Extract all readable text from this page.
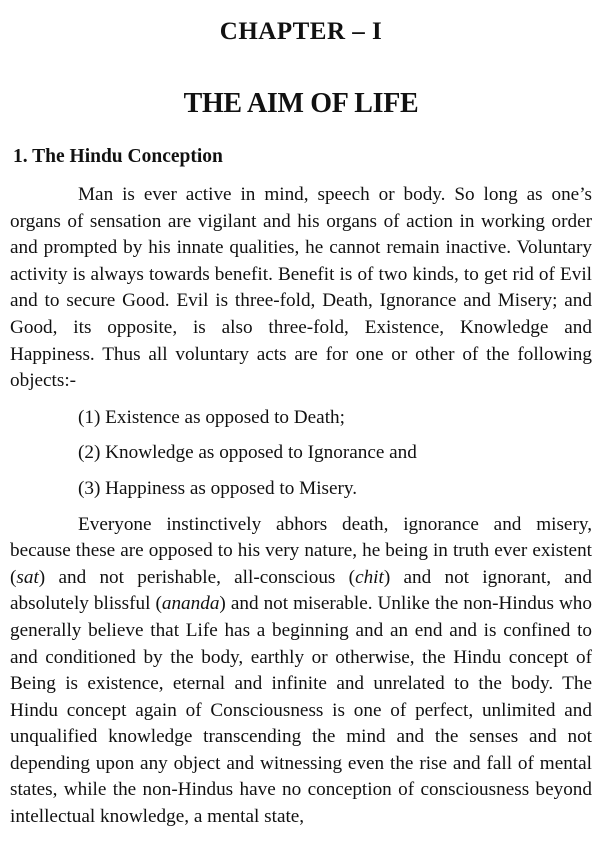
CHAPTER – I
THE AIM OF LIFE
1. The Hindu Conception

Man is ever active in mind, speech or body. So long as one’s organs of sensation are vigilant and his organs of action in working order and prompted by his innate qualities, he cannot remain inactive. Voluntary activity is always towards benefit. Benefit is of two kinds, to get rid of Evil and to secure Good. Evil is three-fold, Death, Ignorance and Misery; and Good, its opposite, is also three-fold, Existence, Knowledge and Happiness. Thus all voluntary acts are for one or other of the following objects:-

(1) Existence as opposed to Death;
(2) Knowledge as opposed to Ignorance and
(3) Happiness as opposed to Misery.

Everyone instinctively abhors death, ignorance and misery, because these are opposed to his very nature, he being in truth ever existent (sat) and not perishable, all-conscious (chit) and not ignorant, and absolutely blissful (ananda) and not miserable. Unlike the non-Hindus who generally believe that Life has a beginning and an end and is confined to and conditioned by the body, earthly or otherwise, the Hindu concept of Being is existence, eternal and infinite and unrelated to the body. The Hindu concept again of Consciousness is one of perfect, unlimited and unqualified knowledge transcending the mind and the senses and not depending upon any object and witnessing even the rise and fall of mental states, while the non-Hindus have no conception of consciousness beyond intellectual knowledge, a mental state,
